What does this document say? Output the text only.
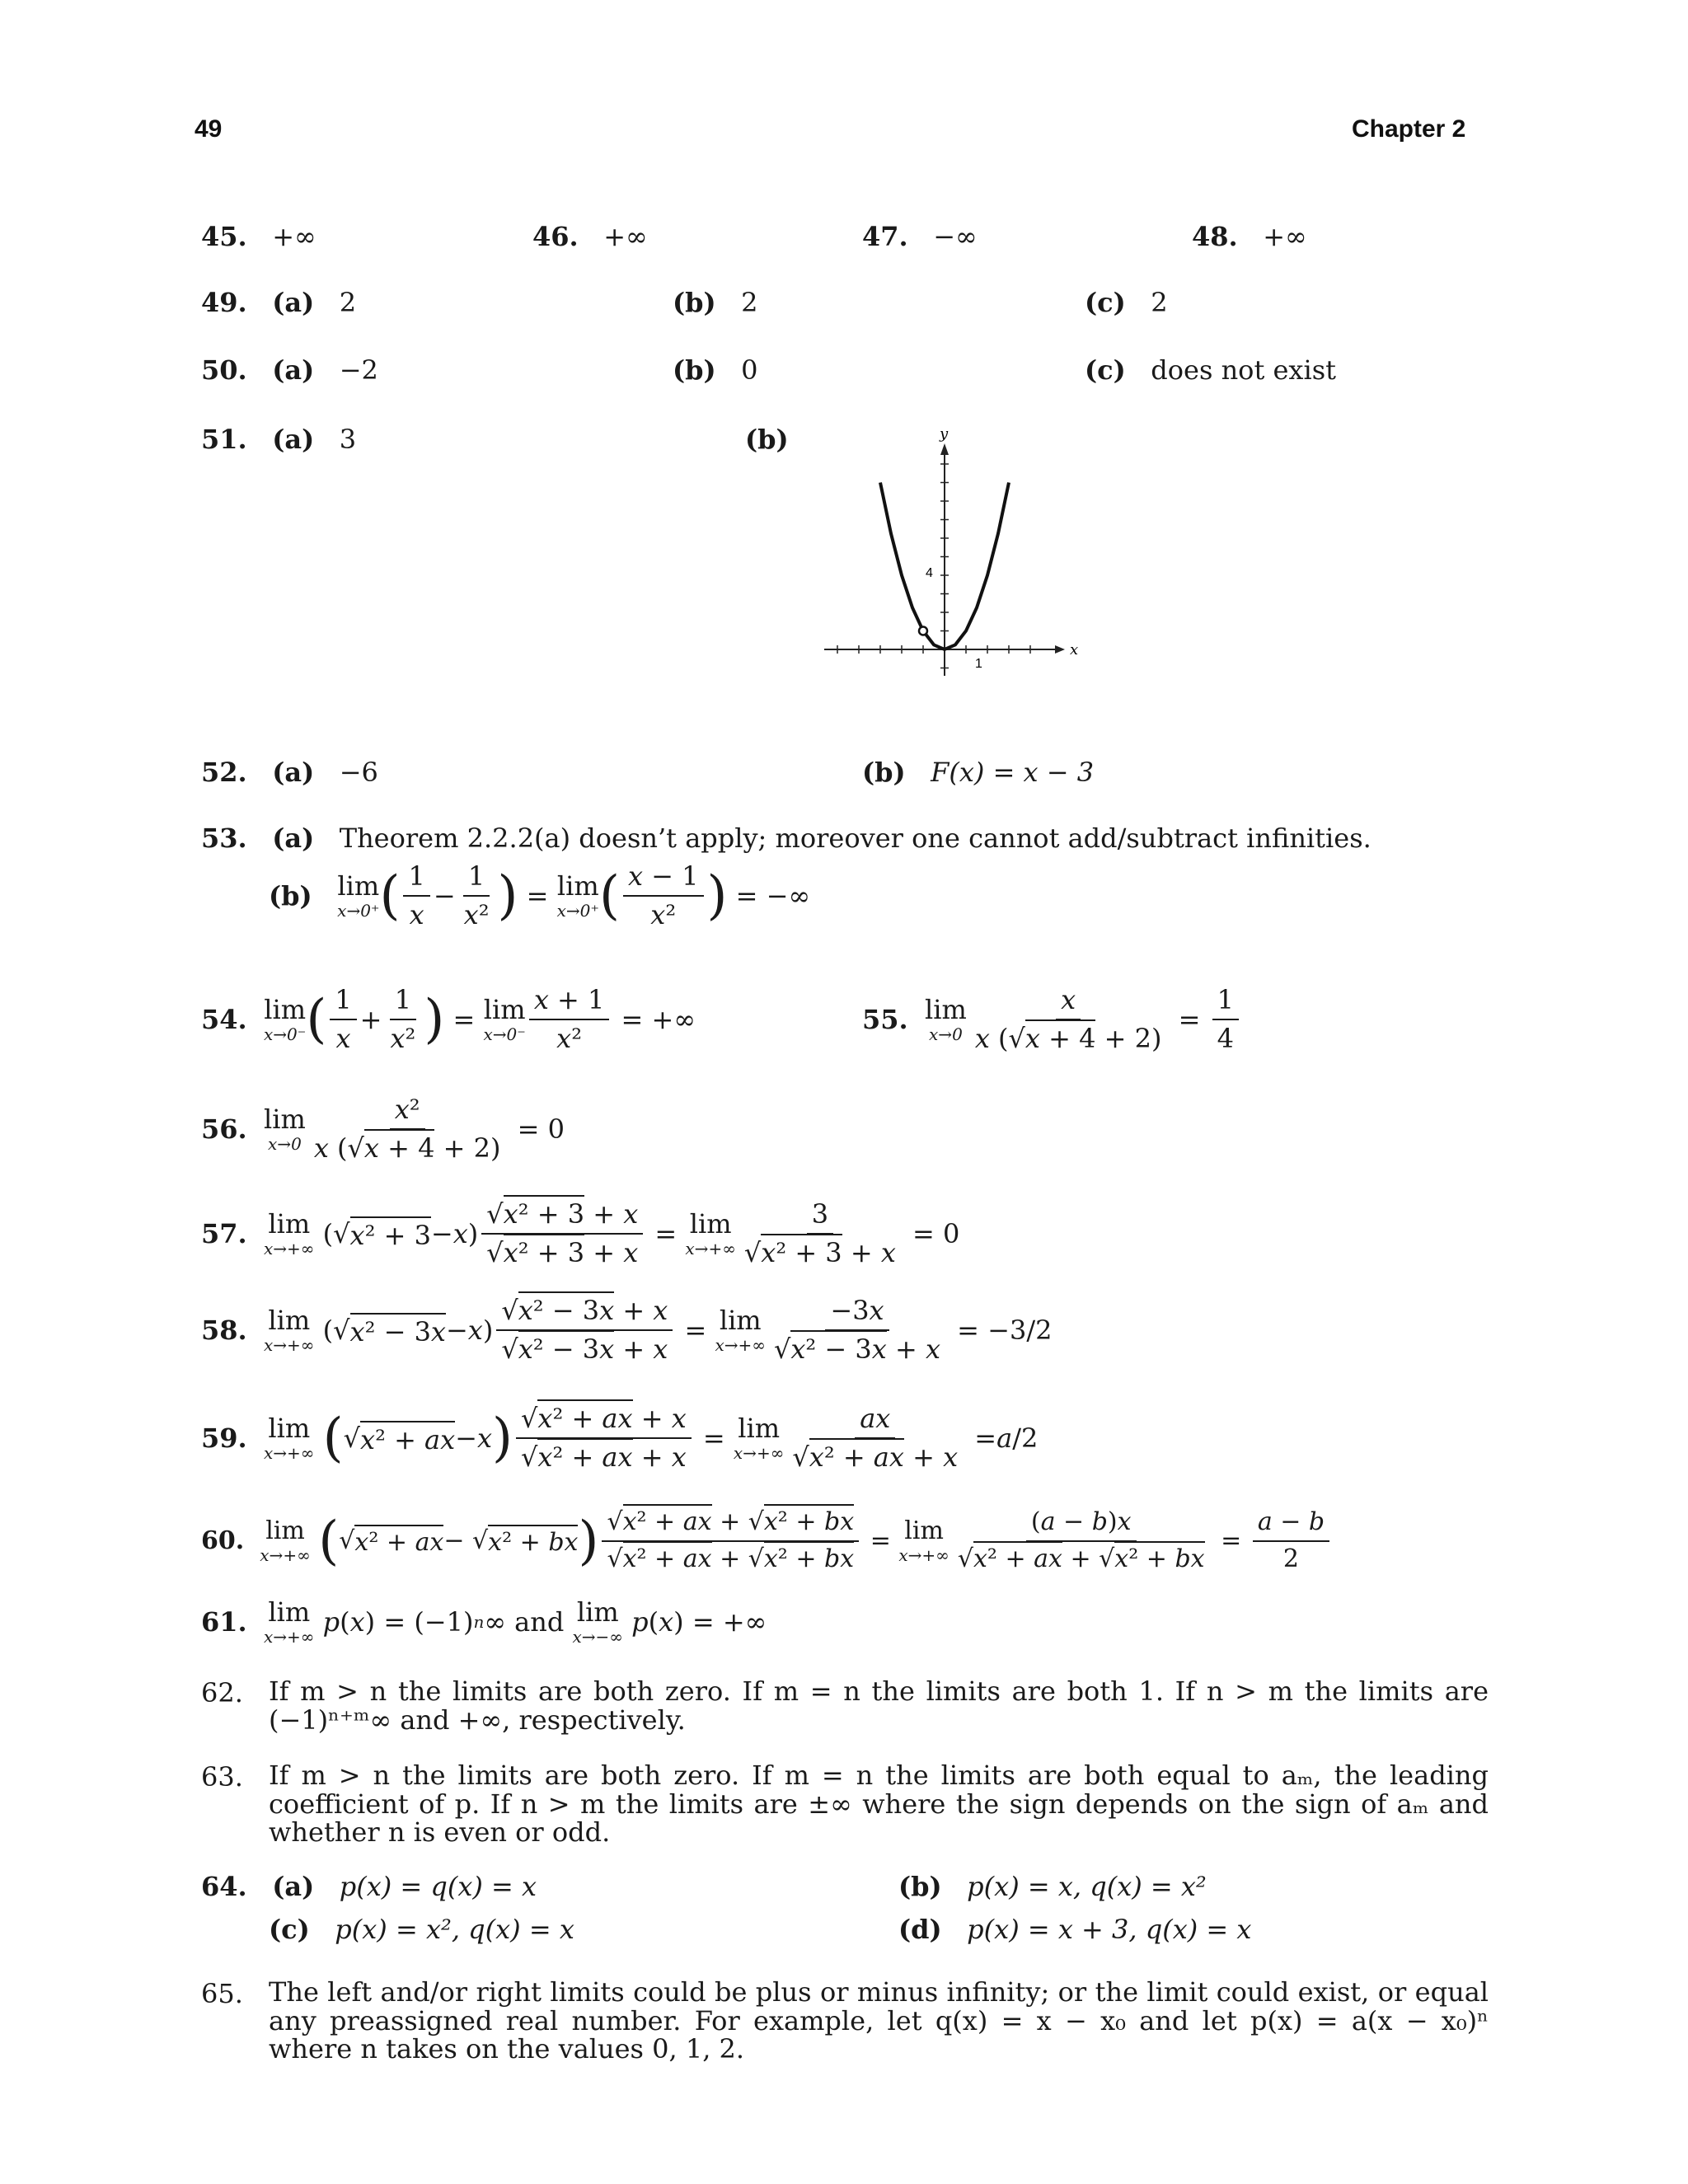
49	Chapter 2
45. +∞	46. +∞	47. −∞	48. +∞
49. (a) 2	(b) 2	(c) 2
50. (a) −2	(b) 0	(c) does not exist
51. (a) 3	(b)	y
x
4
1
52. (a) −6	(b) F(x) = x − 3
53. (a) Theorem 2.2.2(a) doesn’t apply; moreover one cannot add/subtract infinities.
(b)
lim
x→0⁺ ( $\frac{1}{x} - \frac{1}{\text{x²}}$ ) = lim
x→0⁺ ( $\frac{x - 1}{\text{x²}}$ ) = −∞
54.
lim
x→0⁻ ( $\frac{1}{x} + \frac{1}{\text{x²}}$ ) = lim
$x\to 0^- \frac{x + 1}{\text{x²}}$ = +∞	55.
lim
$x\to 0 \frac{x}{x (√x + 4 + 2)} = \frac{1}{4}$
56.
lim
$x\to 0 \frac{\text{x²}}{x (√x + 4 + 2)} = 0$
57.
lim
x→+∞ (√ x² + 3 − x ) $\frac{\text{√x² + 3 + x}}{\text{√x² + 3 + x}} = \lim$
$x\to+\infty \frac{3}{\text{√x² + 3 + x}} = 0$
58.
lim
x→+∞ (√ x² − 3x − x ) $\frac{\text{√x² − 3x + x}}{\text{√x² − 3x + x}} = \lim$
$x\to+\infty \frac{-3x}{\text{√x² − 3x + x}} = -3/2$
59.
lim
x→+∞
( √ x² + ax − x ) $\frac{\text{√x² + ax + x}}{\text{√x² + ax + x}} = \lim$
$x\to+\infty \frac{ax}{\text{√x² + ax + x}} = a$ /2
60.
lim
x→+∞
( √ x² + ax − √ x² + bx ) $\frac{\text{√x² + ax + √x² + bx}}{\text{√x² + ax + √x² + bx}} = \lim$
$x\to+\infty \frac{(a - b)x}{\text{√x² + ax + √x² + bx}} = \frac{a - b}{2}$
61.
lim
x→+∞
p ( x ) = (−1) n ∞ and lim
x→−∞
p ( x ) = +∞
62. If m > n the limits are both zero. If m = n the limits are both 1. If n > m the limits are (−1)ⁿ⁺ᵐ∞ and +∞, respectively.
63. If m > n the limits are both zero. If m = n the limits are both equal to aₘ, the leading coefficient of p. If n > m the limits are ±∞ where the sign depends on the sign of aₘ and whether n is even or odd.
64. (a) p(x) = q(x) = x	(b) p(x) = x, q(x) = x²
(c) p(x) = x², q(x) = x	(d) p(x) = x + 3, q(x) = x
65. The left and/or right limits could be plus or minus infinity; or the limit could exist, or equal any preassigned real number. For example, let q(x) = x − x₀ and let p(x) = a(x − x₀)ⁿ where n takes on the values 0, 1, 2.
